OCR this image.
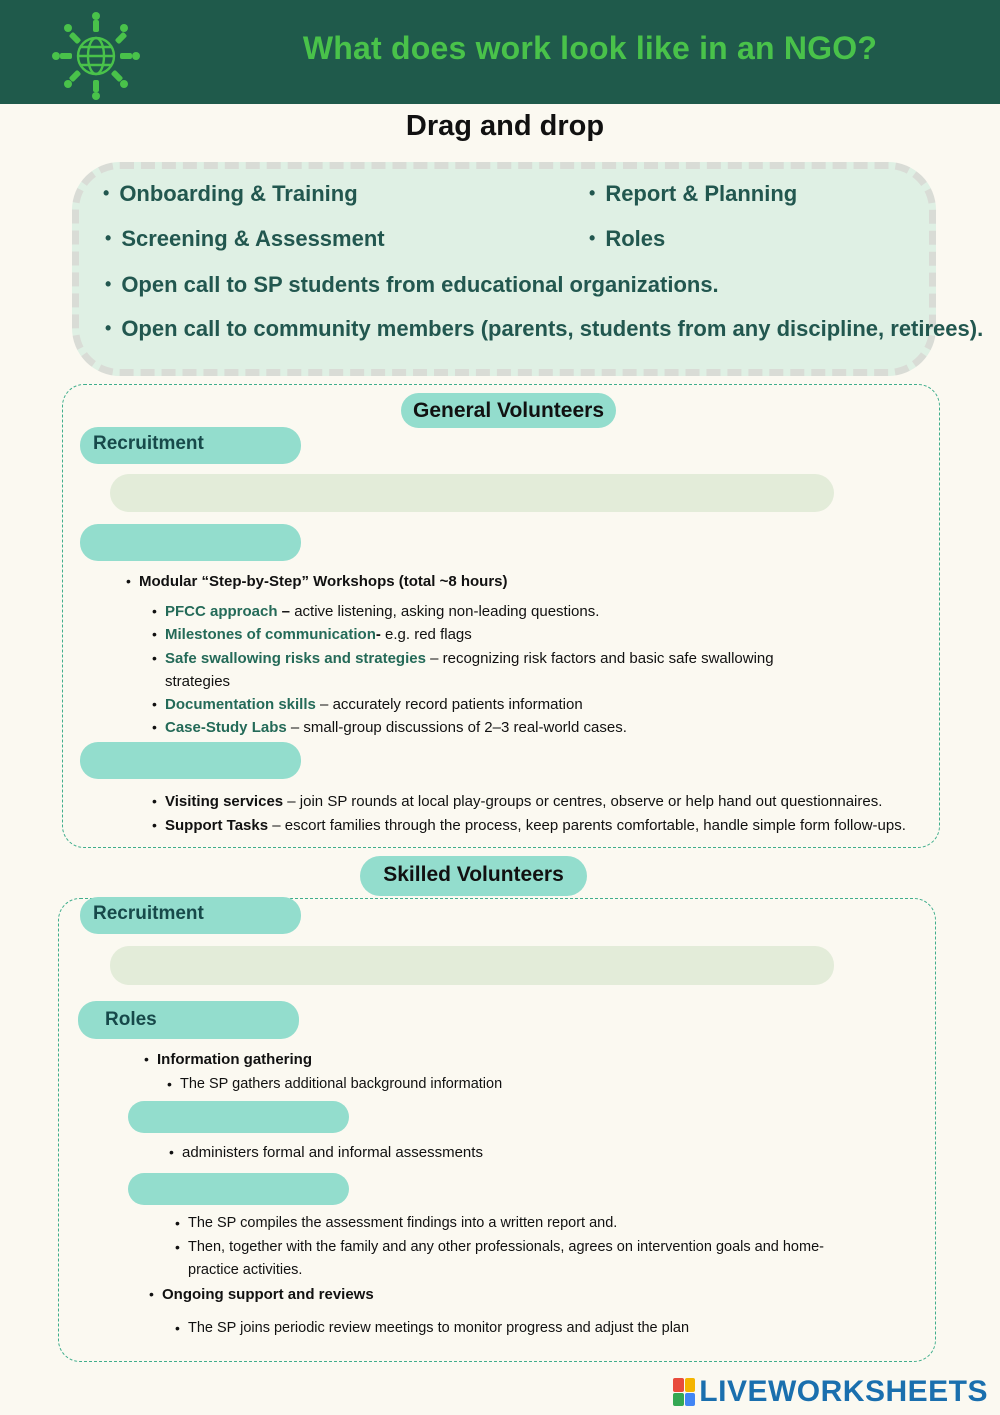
What does work look like in an NGO?
Drag and drop
• Onboarding & Training	• Report & Planning
• Screening & Assessment	• Roles
• Open call to SP students from educational organizations.
• Open call to community members (parents, students from any discipline, retirees).
General Volunteers
Recruitment
• Modular “Step-by-Step” Workshops (total ~8 hours)
• PFCC approach – active listening, asking non-leading questions.
• Milestones of communication- e.g. red flags
• Safe swallowing risks and strategies – recognizing risk factors and basic safe swallowing
strategies
• Documentation skills – accurately record patients information
• Case-Study Labs – small-group discussions of 2–3 real-world cases.
• Visiting services – join SP rounds at local play-groups or centres, observe or help hand out questionnaires.
• Support Tasks – escort families through the process, keep parents comfortable, handle simple form follow-ups.
Skilled Volunteers
Recruitment
Roles
• Information gathering
• The SP gathers additional background information
• administers formal and informal assessments
• The SP compiles the assessment findings into a written report and.
• Then, together with the family and any other professionals, agrees on intervention goals and home-
practice activities.
• Ongoing support and reviews
• The SP joins periodic review meetings to monitor progress and adjust the plan
LIVEWORKSHEETS
